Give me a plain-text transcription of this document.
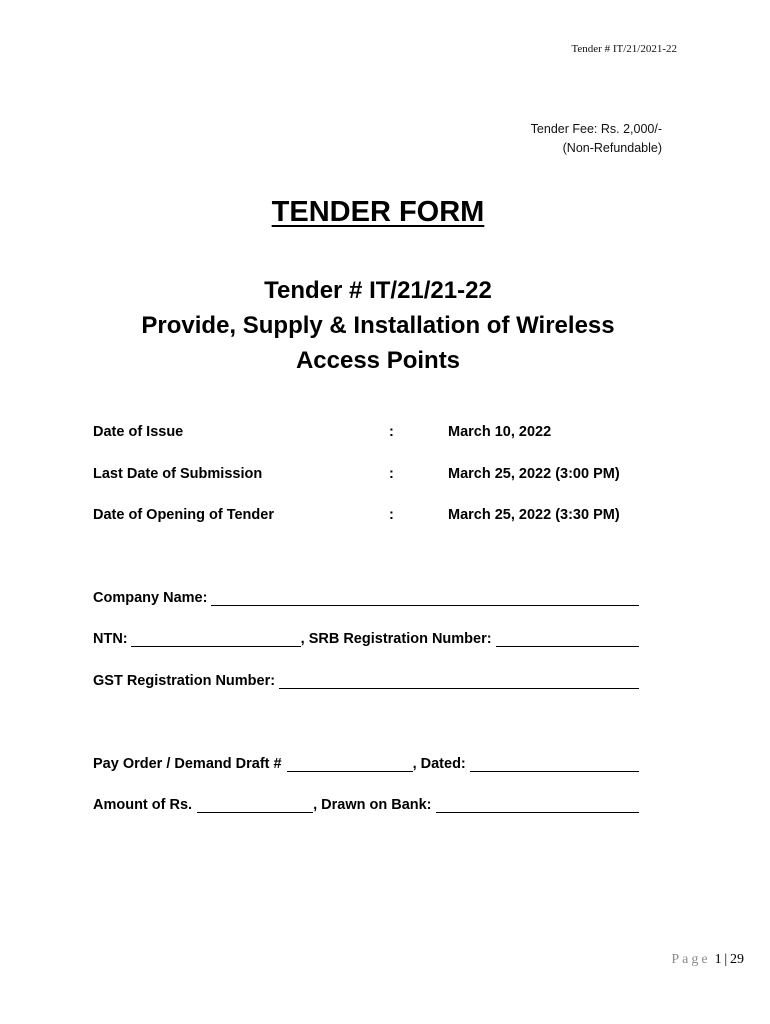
Tender # IT/21/2021-22
Tender Fee: Rs. 2,000/-
(Non-Refundable)
TENDER FORM
Tender # IT/21/21-22
Provide, Supply & Installation of Wireless
Access Points
Date of Issue	:	March 10, 2022
Last Date of Submission	:	March 25, 2022 (3:00 PM)
Date of Opening of Tender	:	March 25, 2022 (3:30 PM)
Company Name:
NTN:	, SRB Registration Number:
GST Registration Number:
Pay Order / Demand Draft #	, Dated:
Amount of Rs.	, Drawn on Bank:
Page 1  |  29
